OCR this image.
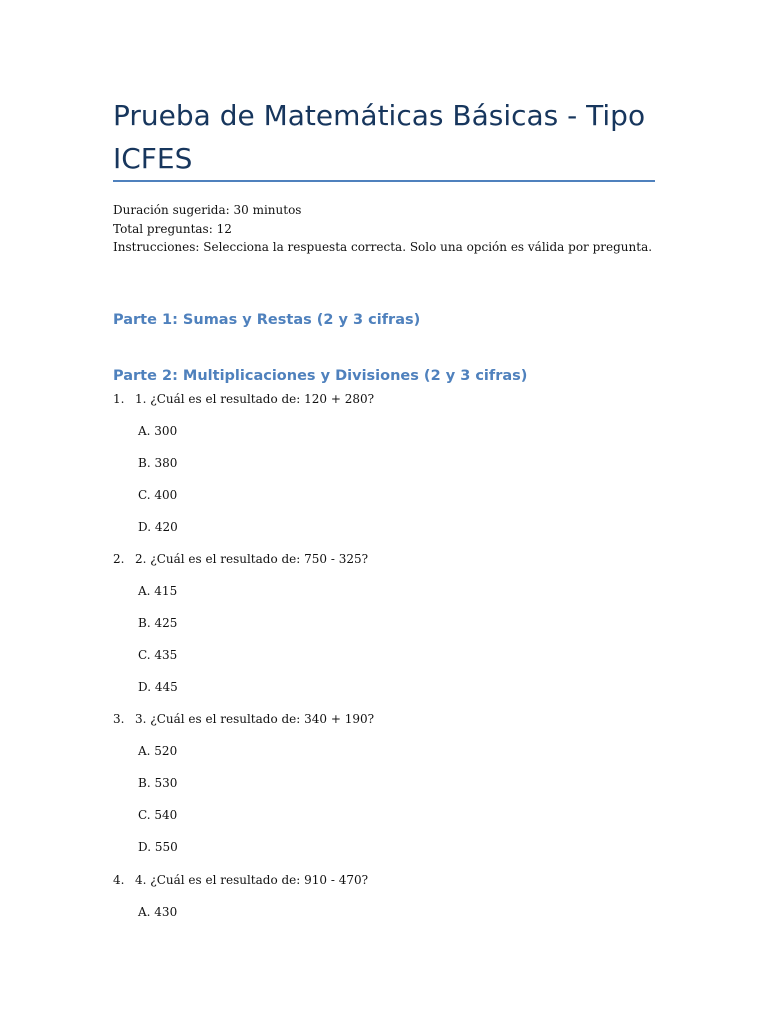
Prueba de Matemáticas Básicas - Tipo ICFES
Duración sugerida: 30 minutos
Total preguntas: 12
Instrucciones: Selecciona la respuesta correcta. Solo una opción es válida por pregunta.
Parte 1: Sumas y Restas (2 y 3 cifras)
Parte 2: Multiplicaciones y Divisiones (2 y 3 cifras)
1. 1. ¿Cuál es el resultado de: 120 + 280?
A. 300
B. 380
C. 400
D. 420
2. 2. ¿Cuál es el resultado de: 750 - 325?
A. 415
B. 425
C. 435
D. 445
3. 3. ¿Cuál es el resultado de: 340 + 190?
A. 520
B. 530
C. 540
D. 550
4. 4. ¿Cuál es el resultado de: 910 - 470?
A. 430
